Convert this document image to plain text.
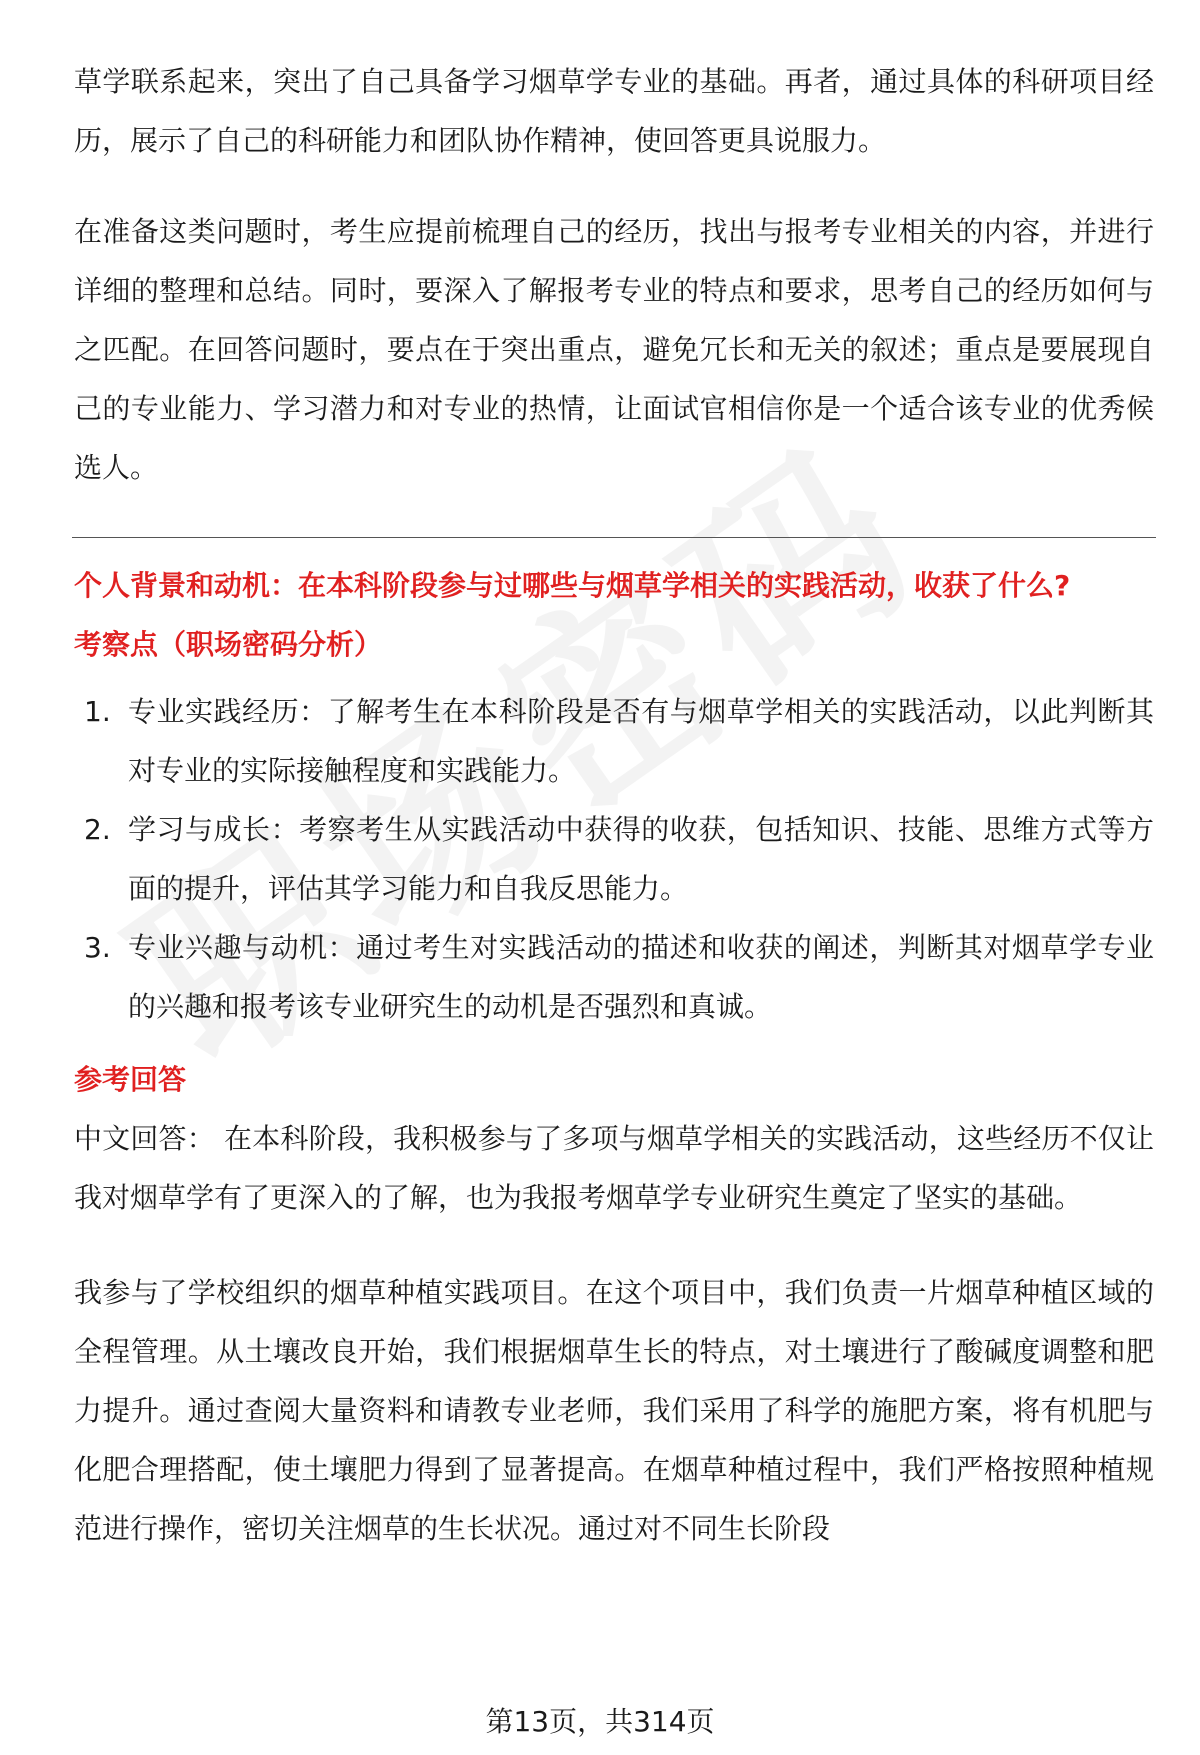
草学联系起来，突出了自己具备学习烟草学专业的基础。再者，通过具体的科研项目经历，展示了自己的科研能力和团队协作精神，使回答更具说服力。

在准备这类问题时，考生应提前梳理自己的经历，找出与报考专业相关的内容，并进行详细的整理和总结。同时，要深入了解报考专业的特点和要求，思考自己的经历如何与之匹配。在回答问题时，要点在于突出重点，避免冗长和无关的叙述；重点是要展现自己的专业能力、学习潜力和对专业的热情，让面试官相信你是一个适合该专业的优秀候选人。

个人背景和动机：在本科阶段参与过哪些与烟草学相关的实践活动，收获了什么?

考察点（职场密码分析）

1. 专业实践经历：了解考生在本科阶段是否有与烟草学相关的实践活动，以此判断其对专业的实际接触程度和实践能力。
2. 学习与成长：考察考生从实践活动中获得的收获，包括知识、技能、思维方式等方面的提升，评估其学习能力和自我反思能力。
3. 专业兴趣与动机：通过考生对实践活动的描述和收获的阐述，判断其对烟草学专业的兴趣和报考该专业研究生的动机是否强烈和真诚。

参考回答

中文回答： 在本科阶段，我积极参与了多项与烟草学相关的实践活动，这些经历不仅让我对烟草学有了更深入的了解，也为我报考烟草学专业研究生奠定了坚实的基础。

我参与了学校组织的烟草种植实践项目。在这个项目中，我们负责一片烟草种植区域的全程管理。从土壤改良开始，我们根据烟草生长的特点，对土壤进行了酸碱度调整和肥力提升。通过查阅大量资料和请教专业老师，我们采用了科学的施肥方案，将有机肥与化肥合理搭配，使土壤肥力得到了显著提高。在烟草种植过程中，我们严格按照种植规范进行操作，密切关注烟草的生长状况。通过对不同生长阶段

第13页，共314页
